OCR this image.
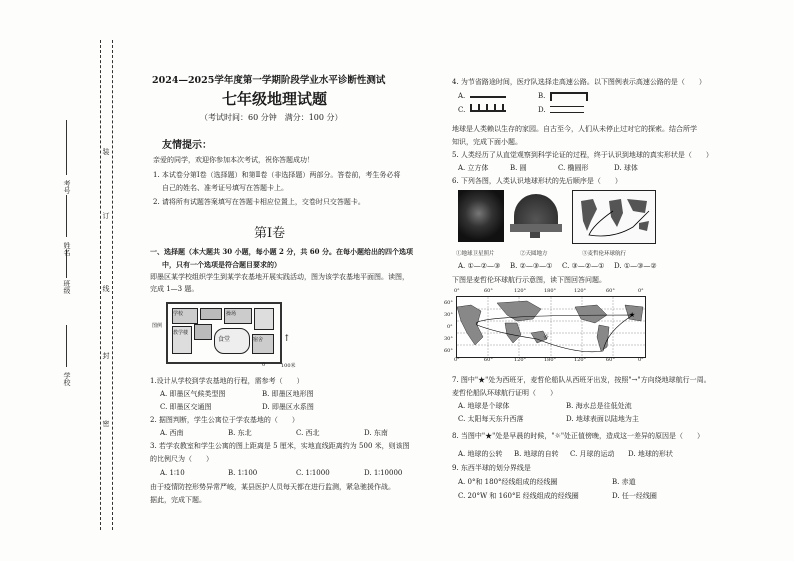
学校
班级
姓名
考号
密
封
线
订
装
2024—2025学年度第一学期阶段学业水平诊断性测试
七年级地理试题
（考试时间：60 分钟　满分：100 分）
友情提示：
亲爱的同学，欢迎你参加本次考试，祝你答题成功！
1. 本试卷分第Ⅰ卷（选择题）和第Ⅱ卷（非选择题）两部分。答卷前，考生务必将
自己的姓名、准考证号填写在答题卡上。
2. 请将所有试题答案填写在答题卡相应位置上，交卷时只交答题卡。
第Ⅰ卷
一、选择题（本大题共 30 小题，每小题 2 分，共 60 分。在每小题给出的四个选项
中，只有一个选项是符合题目要求的）
即墨区某学校组织学生到某学农基地开展实践活动，图为该学农基地平面图。读图，
完成 1—3 题。
食堂	宿舍
学校	操场
教学楼
图例
↑
0	100米
1.设计从学校到学农基地的行程，需参考（　　）
A. 即墨区气候类型图	B. 即墨区地形图
C. 即墨区交通图	D. 即墨区水系图
2. 据图判断，学生公寓位于学农基地的（　　）
A. 西南	B. 东北	C. 西北	D. 东南
3. 若学农教室和学生公寓的图上距离是 5 厘米，实地直线距离约为 500 米，则该图
的比例尺为（　　）
A. 1∶10	B. 1∶100	C. 1∶1000	D. 1∶10000
由于疫情防控形势异常严峻，某县医护人员每天都在进行监测，紧急驰援作战。
据此，完成下题。
4. 为节省路途时间，医疗队选择走高速公路。以下图例表示高速公路的是（　　）
A.	B.
C.	D.
地球是人类赖以生存的家园。自古至今，人们从未停止过对它的探索。结合所学
知识，完成下面小题。
5. 人类经历了从直觉观察到科学论证的过程，终于认识到地球的真实形状是（　　）
A. 立方体	B. 圆	C. 椭圆形	D. 球体
6. 下列各图，人类认识地球形状的先后顺序是（　　）
①地球卫星照片	②天圆地方	③麦哲伦环球航行
A. ①—②—③ B. ②—③—① C. ③—②—① D. ①—③—②
下图是麦哲伦环球航行示意图，读下图回答问题。
0°	60°	120°	180°	120°	60°	0°
60°
30°
0°
30°
60°
★
☼
0°	60°	120°	180°	120°	60°	0°
7. 图中"★"处为西班牙，麦哲伦船队从西班牙出发，按照"→"方向绕地球航行一周。
麦哲伦船队环球航行证明（　　）
A. 地球是个球体	B. 海水总是往低处流
C. 太阳每天东升西落	D. 地球表面以陆地为主
8. 当图中"★"处是早晨的时候，"☼"处正值傍晚，造成这一差异的原因是（　　）
A. 地球的公转 B. 地球的自转 C. 月球的运动 D. 地球的形状
9. 东西半球的划分界线是
A. 0°和 180°经线组成的经线圈	B. 赤道
C. 20°W 和 160°E 经线组成的经线圈	D. 任一经线圈
